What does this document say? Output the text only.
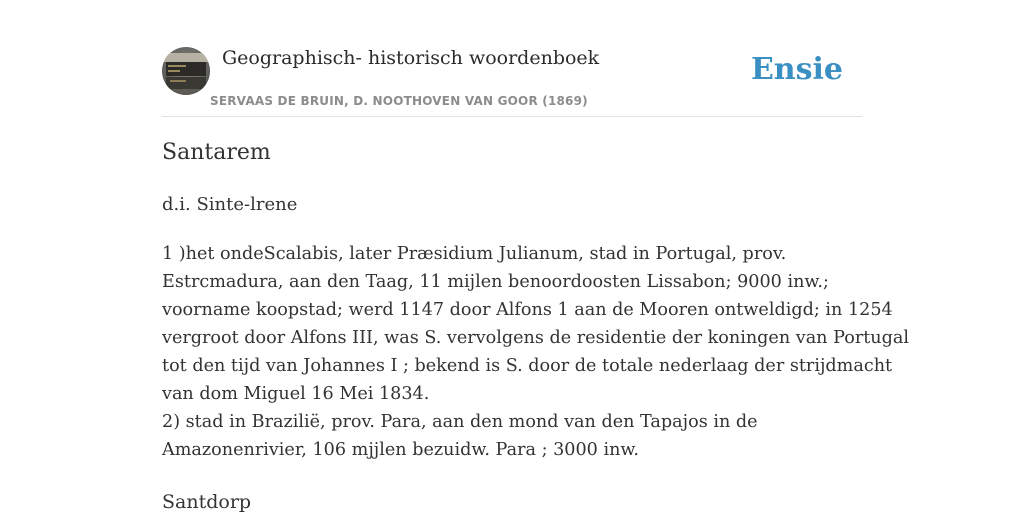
Geographisch- historisch woordenboek
SERVAAS DE BRUIN, D. NOOTHOVEN VAN GOOR (1869)
Ensie
Santarem
d.i. Sinte-lrene

1 )het ondeScalabis, later Præsidium Julianum, stad in Portugal, prov.

Estrcmadura, aan den Taag, 11 mijlen benoordoosten Lissabon; 9000 inw.;

voorname koopstad; werd 1147 door Alfons 1 aan de Mooren ontweldigd; in 1254

vergroot door Alfons III, was S. vervolgens de residentie der koningen van Portugal

tot den tijd van Johannes I ; bekend is S. door de totale nederlaag der strijdmacht

van dom Miguel 16 Mei 1834.

2) stad in Brazilië, prov. Para, aan den mond van den Tapajos in de

Amazonenrivier, 106 mjjlen bezuidw. Para ; 3000 inw.

Santdorp
